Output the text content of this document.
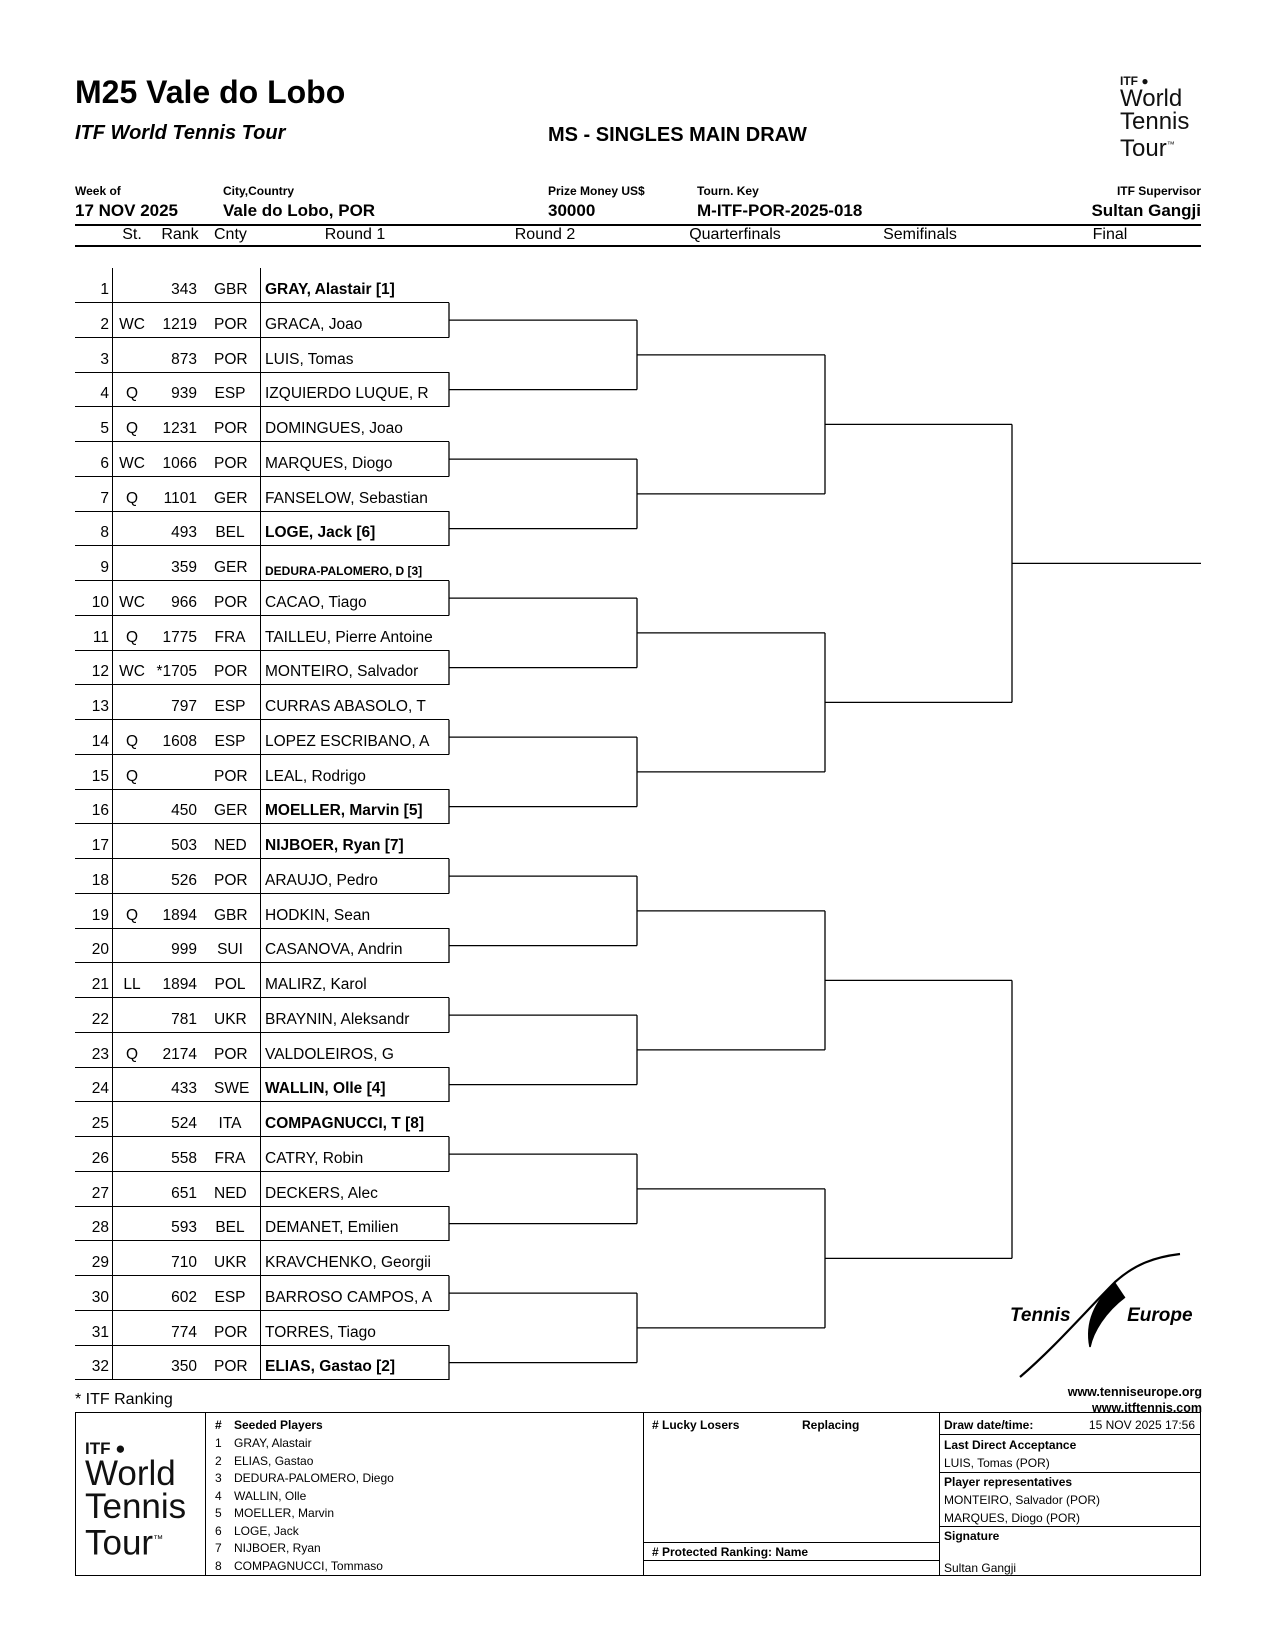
M25 Vale do Lobo
ITF World Tennis Tour	MS - SINGLES MAIN DRAW
ITF ●
World
Tennis
Tour™
Week of
17 NOV 2025
City,Country
Vale do Lobo, POR
Prize Money US$
30000
Tourn. Key
M-ITF-POR-2025-018
ITF Supervisor
Sultan Gangji
St.	Rank Cnty	Round 1	Round 2	Quarterfinals	Semifinals	Final
1	343 GBR GRAY, Alastair [1]
2 WC	1219 POR GRACA, Joao
3	873 POR LUIS, Tomas
4	Q	939 ESP IZQUIERDO LUQUE, R
5	Q	1231 POR DOMINGUES, Joao
6 WC	1066 POR MARQUES, Diogo
7	Q	1101 GER FANSELOW, Sebastian
8	493 BEL LOGE, Jack [6]
9	359 GER DEDURA-PALOMERO, D [3]
10 WC	966 POR CACAO, Tiago
11	Q	1775 FRA TAILLEU, Pierre Antoine
12 WC *1705 POR MONTEIRO, Salvador
13	797 ESP CURRAS ABASOLO, T
14	Q	1608 ESP LOPEZ ESCRIBANO, A
15	Q	POR LEAL, Rodrigo
16	450 GER MOELLER, Marvin [5]
17	503 NED NIJBOER, Ryan [7]
18	526 POR ARAUJO, Pedro
19	Q	1894 GBR HODKIN, Sean
20	999 SUI CASANOVA, Andrin
21 LL	1894 POL MALIRZ, Karol
22	781 UKR BRAYNIN, Aleksandr
23	Q	2174 POR VALDOLEIROS, G
24	433 SWE WALLIN, Olle [4]
25	524 ITA COMPAGNUCCI, T [8]
26	558 FRA CATRY, Robin
27	651 NED DECKERS, Alec
28	593 BEL DEMANET, Emilien
29	710 UKR KRAVCHENKO, Georgii
30	602 ESP BARROSO CAMPOS, A
31	774 POR TORRES, Tiago
32	350 POR ELIAS, Gastao [2]
* ITF Ranking
Tennis	Europe
www.tenniseurope.org
www.itftennis.com
ITF ●
World
Tennis
Tour™
# Seeded Players
1 GRAY, Alastair
2 ELIAS, Gastao
3 DEDURA-PALOMERO, Diego
4 WALLIN, Olle
5 MOELLER, Marvin
6 LOGE, Jack
7 NIJBOER, Ryan
8 COMPAGNUCCI, Tommaso
# Lucky Losers	Replacing
# Protected Ranking: Name
Draw date/time:	15 NOV 2025 17:56
Last Direct Acceptance
LUIS, Tomas (POR)
Player representatives
MONTEIRO, Salvador (POR)
MARQUES, Diogo (POR)
Signature
Sultan Gangji
